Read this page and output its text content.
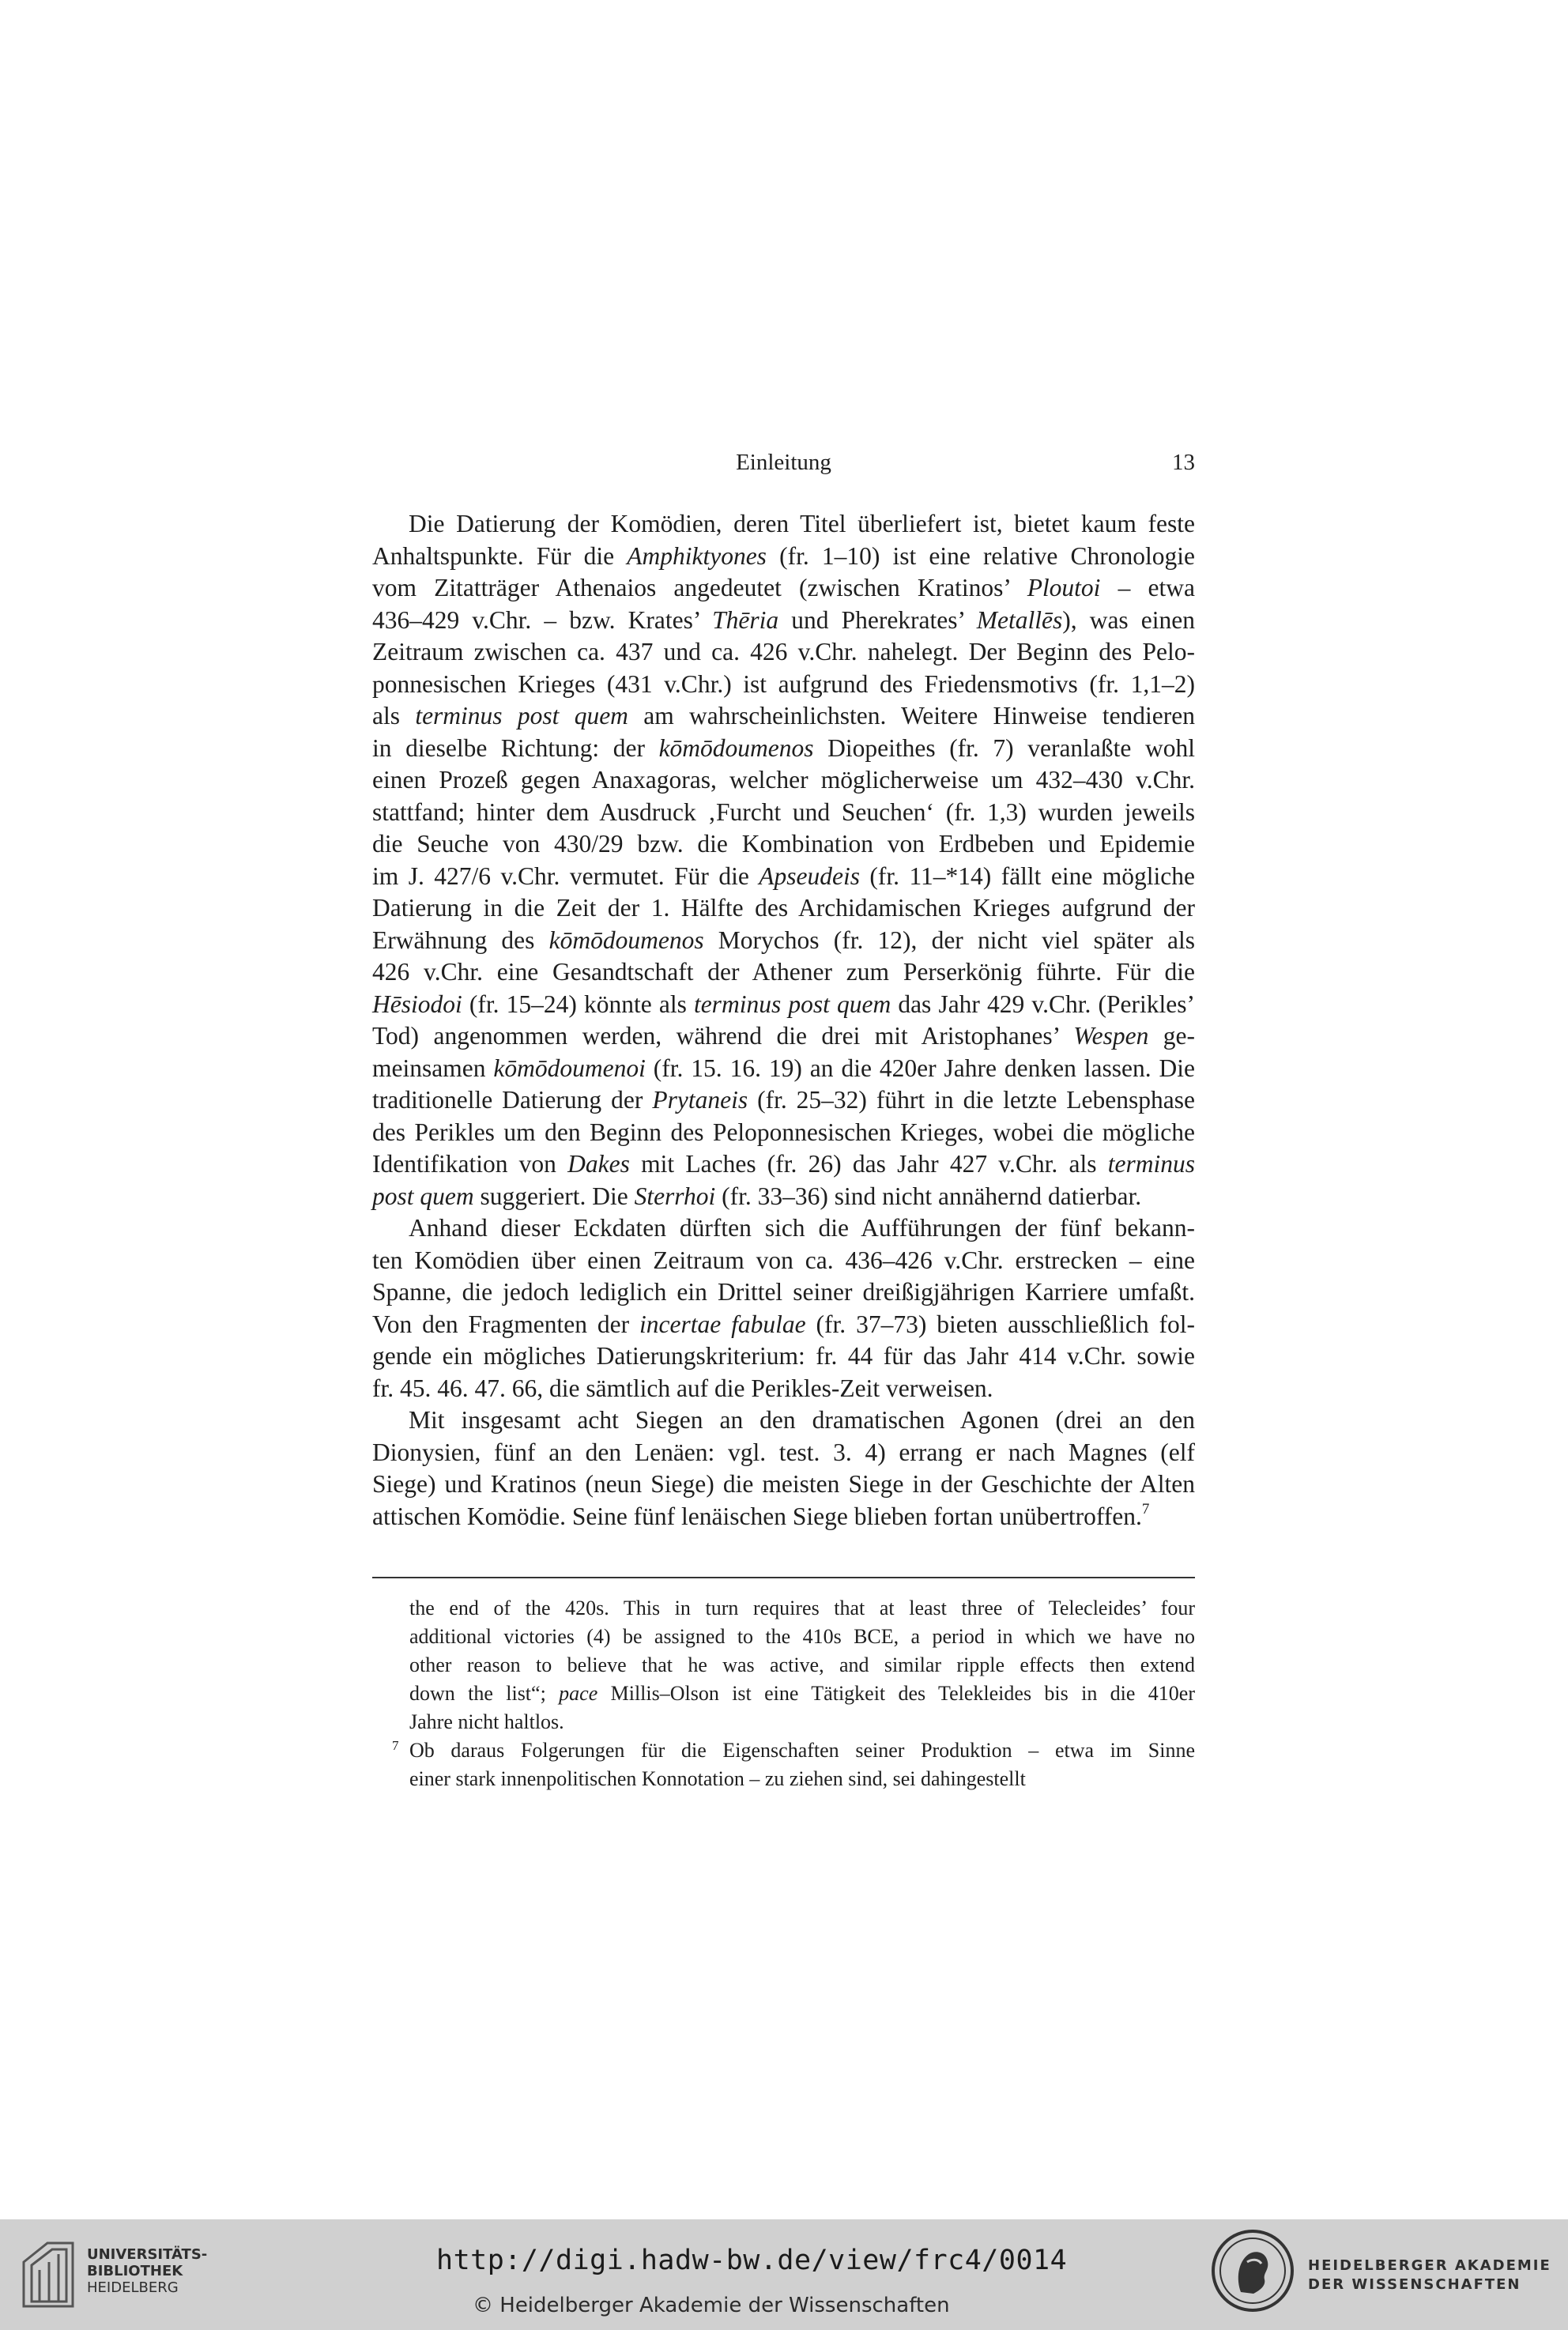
Einleitung	13
Die Datierung der Komödien, deren Titel überliefert ist, bietet kaum feste
Anhaltspunkte. Für die Amphiktyones (fr. 1–10) ist eine relative Chronologie
vom Zitatträger Athenaios angedeutet (zwischen Kratinos’ Ploutoi – etwa
436–429 v.Chr. – bzw. Krates’ Thēria und Pherekrates’ Metallēs), was einen
Zeitraum zwischen ca. 437 und ca. 426 v.Chr. nahelegt. Der Beginn des Pelo-
ponnesischen Krieges (431 v.Chr.) ist aufgrund des Friedensmotivs (fr. 1,1–2)
als terminus post quem am wahrscheinlichsten. Weitere Hinweise tendieren
in dieselbe Richtung: der kōmōdoumenos Diopeithes (fr. 7) veranlaßte wohl
einen Prozeß gegen Anaxagoras, welcher möglicherweise um 432–430 v.Chr.
stattfand; hinter dem Ausdruck ‚Furcht und Seuchen‘ (fr. 1,3) wurden jeweils
die Seuche von 430/29 bzw. die Kombination von Erdbeben und Epidemie
im J. 427/6 v.Chr. vermutet. Für die Apseudeis (fr. 11–*14) fällt eine mögliche
Datierung in die Zeit der 1. Hälfte des Archidamischen Krieges aufgrund der
Erwähnung des kōmōdoumenos Morychos (fr. 12), der nicht viel später als
426 v.Chr. eine Gesandtschaft der Athener zum Perserkönig führte. Für die
Hēsiodoi (fr. 15–24) könnte als terminus post quem das Jahr 429 v.Chr. (Perikles’
Tod) angenommen werden, während die drei mit Aristophanes’ Wespen ge-
meinsamen kōmōdoumenoi (fr. 15. 16. 19) an die 420er Jahre denken lassen. Die
traditionelle Datierung der Prytaneis (fr. 25–32) führt in die letzte Lebensphase
des Perikles um den Beginn des Peloponnesischen Krieges, wobei die mögliche
Identifikation von Dakes mit Laches (fr. 26) das Jahr 427 v.Chr. als terminus
post quem suggeriert. Die Sterrhoi (fr. 33–36) sind nicht annähernd datierbar.
Anhand dieser Eckdaten dürften sich die Aufführungen der fünf bekann-
ten Komödien über einen Zeitraum von ca. 436–426 v.Chr. erstrecken – eine
Spanne, die jedoch lediglich ein Drittel seiner dreißigjährigen Karriere umfaßt.
Von den Fragmenten der incertae fabulae (fr. 37–73) bieten ausschließlich fol-
gende ein mögliches Datierungskriterium: fr. 44 für das Jahr 414 v.Chr. sowie
fr. 45. 46. 47. 66, die sämtlich auf die Perikles-Zeit verweisen.
Mit insgesamt acht Siegen an den dramatischen Agonen (drei an den
Dionysien, fünf an den Lenäen: vgl. test. 3. 4) errang er nach Magnes (elf
Siege) und Kratinos (neun Siege) die meisten Siege in der Geschichte der Alten
attischen Komödie. Seine fünf lenäischen Siege blieben fortan unübertroffen.$^7$
the end of the 420s. This in turn requires that at least three of Telecleides’ four
additional victories (4) be assigned to the 410s BCE, a period in which we have no
other reason to believe that he was active, and similar ripple effects then extend
down the list“; pace Millis–Olson ist eine Tätigkeit des Telekleides bis in die 410er
Jahre nicht haltlos.
7 Ob daraus Folgerungen für die Eigenschaften seiner Produktion – etwa im Sinne
einer stark innenpolitischen Konnotation – zu ziehen sind, sei dahingestellt
UNIVERSITÄTS-
BIBLIOTHEK
HEIDELBERG
http://digi.hadw-bw.de/view/frc4/0014
© Heidelberger Akademie der Wissenschaften
HEIDELBERGER AKADEMIE
DER WISSENSCHAFTEN
